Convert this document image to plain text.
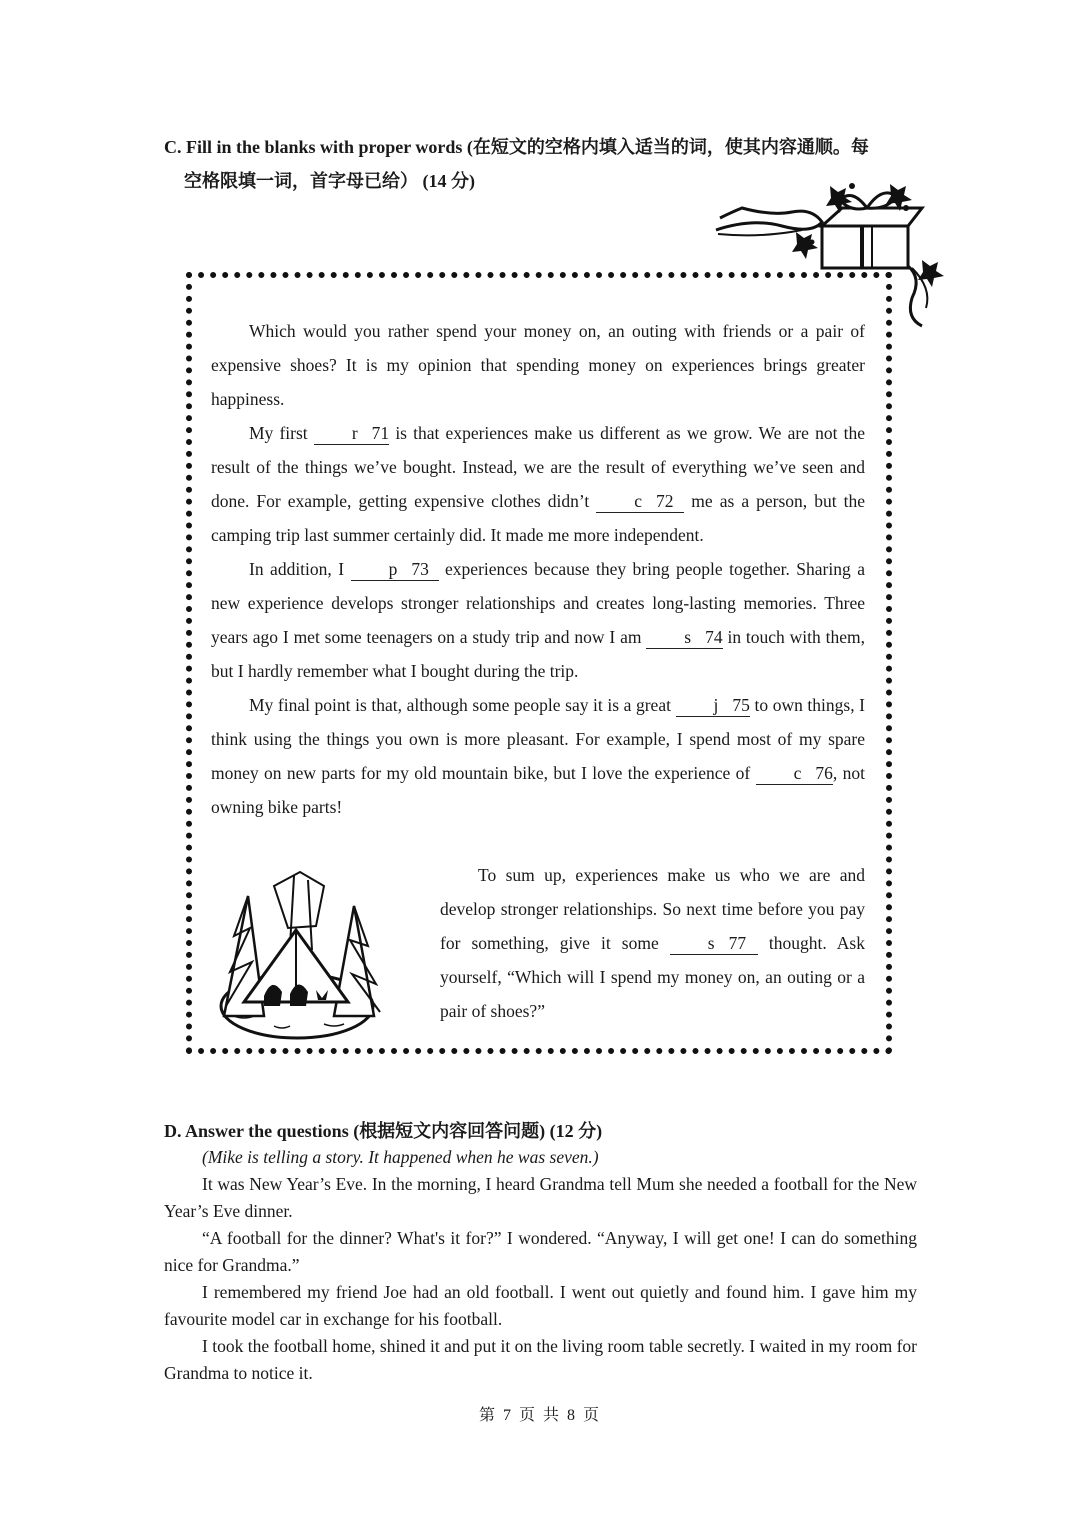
C. Fill in the blanks with proper words (在短文的空格内填入适当的词，使其内容通顺。每
空格限填一词，首字母已给） (14 分)

Which would you rather spend your money on, an outing with friends or a pair of expensive shoes? It is my opinion that spending money on experiences brings greater happiness.

My first r 71 is that experiences make us different as we grow. We are not the result of the things we’ve bought. Instead, we are the result of everything we’ve seen and done. For example, getting expensive clothes didn’t c 72 me as a person, but the camping trip last summer certainly did. It made me more independent.

In addition, I p 73 experiences because they bring people together. Sharing a new experience develops stronger relationships and creates long-lasting memories. Three years ago I met some teenagers on a study trip and now I am s 74 in touch with them, but I hardly remember what I bought during the trip.

My final point is that, although some people say it is a great j 75 to own things, I think using the things you own is more pleasant. For example, I spend most of my spare money on new parts for my old mountain bike, but I love the experience of c 76, not owning bike parts!

To sum up, experiences make us who we are and develop stronger relationships. So next time before you pay for something, give it some s 77 thought. Ask yourself, “Which will I spend my money on, an outing or a pair of shoes?”

D. Answer the questions (根据短文内容回答问题) (12 分)

(Mike is telling a story. It happened when he was seven.)

It was New Year’s Eve. In the morning, I heard Grandma tell Mum she needed a football for the New Year’s Eve dinner.

“A football for the dinner? What's it for?” I wondered. “Anyway, I will get one! I can do something nice for Grandma.”

I remembered my friend Joe had an old football. I went out quietly and found him. I gave him my favourite model car in exchange for his football.

I took the football home, shined it and put it on the living room table secretly. I waited in my room for Grandma to notice it.

第 7 页 共 8 页
